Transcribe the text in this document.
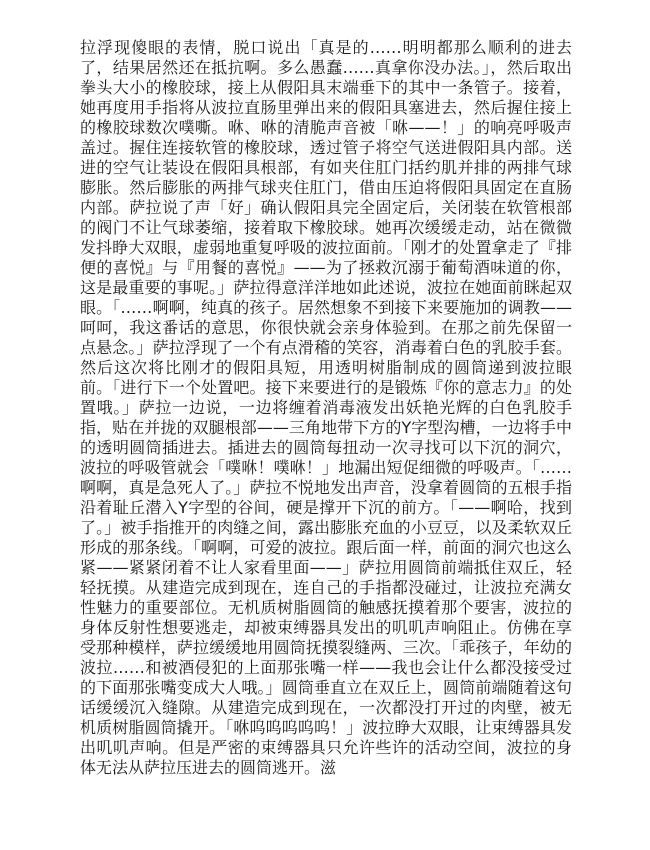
拉浮现傻眼的表情，脱口说出「真是的……明明都那么顺利的进去了，结果居然还在抵抗啊。多么愚蠢……真拿你没办法。」，然后取出拳头大小的橡胶球，接上从假阳具末端垂下的其中一条管子。接着，她再度用手指将从波拉直肠里弹出来的假阳具塞进去，然后握住接上的橡胶球数次噗嘶。咻、咻的清脆声音被「咻——！」的响亮呼吸声盖过。握住连接软管的橡胶球，透过管子将空气送进假阳具内部。送进的空气让装设在假阳具根部，有如夹住肛门括约肌并排的两排气球膨胀。然后膨胀的两排气球夹住肛门，借由压迫将假阳具固定在直肠内部。萨拉说了声「好」确认假阳具完全固定后，关闭装在软管根部的阀门不让气球萎缩，接着取下橡胶球。她再次缓缓走动，站在微微发抖睁大双眼，虚弱地重复呼吸的波拉面前。「刚才的处置拿走了『排便的喜悦』与『用餐的喜悦』——为了拯救沉溺于葡萄酒味道的你，这是最重要的事呢。」萨拉得意洋洋地如此述说，波拉在她面前眯起双眼。「……啊啊，纯真的孩子。居然想象不到接下来要施加的调教——呵呵，我这番话的意思，你很快就会亲身体验到。在那之前先保留一点悬念。」萨拉浮现了一个有点滑稽的笑容，消毒着白色的乳胶手套。然后这次将比刚才的假阳具短，用透明树脂制成的圆筒递到波拉眼前。「进行下一个处置吧。接下来要进行的是锻炼『你的意志力』的处置哦。」萨拉一边说，一边将缠着消毒液发出妖艳光辉的白色乳胶手指，贴在并拢的双腿根部——三角地带下方的Y字型沟槽，一边将手中的透明圆筒插进去。插进去的圆筒每扭动一次寻找可以下沉的洞穴，波拉的呼吸管就会「噗咻！噗咻！」地漏出短促细微的呼吸声。「……啊啊，真是急死人了。」萨拉不悦地发出声音，没拿着圆筒的五根手指沿着耻丘潜入Y字型的谷间，硬是撑开下沉的前方。「——啊哈，找到了。」被手指推开的肉缝之间，露出膨胀充血的小豆豆，以及柔软双丘形成的那条线。「啊啊，可爱的波拉。跟后面一样，前面的洞穴也这么紧——紧紧闭着不让人家看里面——」萨拉用圆筒前端抵住双丘，轻轻抚摸。从建造完成到现在，连自己的手指都没碰过，让波拉充满女性魅力的重要部位。无机质树脂圆筒的触感抚摸着那个要害，波拉的身体反射性想要逃走，却被束缚器具发出的叽叽声响阻止。仿佛在享受那种模样，萨拉缓缓地用圆筒抚摸裂缝两、三次。「乖孩子，年幼的波拉……和被酒侵犯的上面那张嘴一样——我也会让什么都没接受过的下面那张嘴变成大人哦。」圆筒垂直立在双丘上，圆筒前端随着这句话缓缓沉入缝隙。从建造完成到现在，一次都没打开过的肉壁，被无机质树脂圆筒撬开。「咻呜呜呜呜呜！」波拉睁大双眼，让束缚器具发出叽叽声响。但是严密的束缚器具只允许些许的活动空间，波拉的身体无法从萨拉压进去的圆筒逃开。滋
